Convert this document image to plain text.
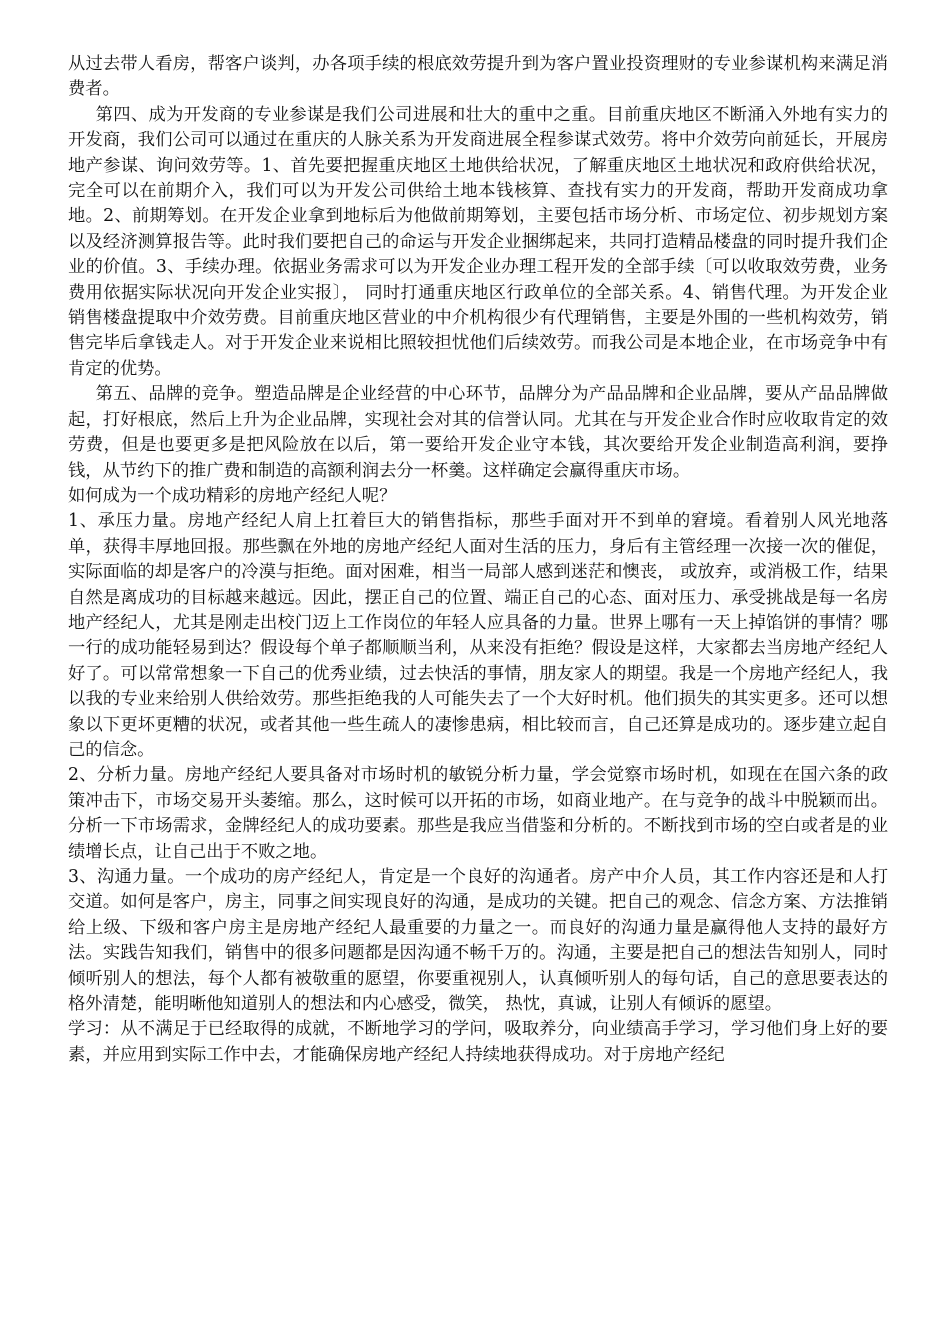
从过去带人看房，帮客户谈判，办各项手续的根底效劳提升到为客户置业投资理财的专业参谋机构来满足消费者。

第四、成为开发商的专业参谋是我们公司进展和壮大的重中之重。目前重庆地区不断涌入外地有实力的开发商，我们公司可以通过在重庆的人脉关系为开发商进展全程参谋式效劳。将中介效劳向前延长，开展房地产参谋、询问效劳等。1、首先要把握重庆地区土地供给状况，了解重庆地区土地状况和政府供给状况，完全可以在前期介入，我们可以为开发公司供给土地本钱核算、查找有实力的开发商，帮助开发商成功拿地。2、前期筹划。在开发企业拿到地标后为他做前期筹划，主要包括市场分析、市场定位、初步规划方案以及经济测算报告等。此时我们要把自己的命运与开发企业捆绑起来，共同打造精品楼盘的同时提升我们企业的价值。3、手续办理。依据业务需求可以为开发企业办理工程开发的全部手续〔可以收取效劳费，业务费用依据实际状况向开发企业实报〕， 同时打通重庆地区行政单位的全部关系。4、销售代理。为开发企业销售楼盘提取中介效劳费。目前重庆地区营业的中介机构很少有代理销售，主要是外围的一些机构效劳，销售完毕后拿钱走人。对于开发企业来说相比照较担忧他们后续效劳。而我公司是本地企业，在市场竞争中有肯定的优势。

第五、品牌的竞争。塑造品牌是企业经营的中心环节，品牌分为产品品牌和企业品牌，要从产品品牌做起，打好根底，然后上升为企业品牌，实现社会对其的信誉认同。尤其在与开发企业合作时应收取肯定的效劳费，但是也要更多是把风险放在以后，第一要给开发企业守本钱，其次要给开发企业制造高利润，要挣钱，从节约下的推广费和制造的高额利润去分一杯羹。这样确定会赢得重庆市场。

如何成为一个成功精彩的房地产经纪人呢？

1、承压力量。房地产经纪人肩上扛着巨大的销售指标，那些手面对开不到单的窘境。看着别人风光地落单，获得丰厚地回报。那些飘在外地的房地产经纪人面对生活的压力，身后有主管经理一次接一次的催促，实际面临的却是客户的冷漠与拒绝。面对困难，相当一局部人感到迷茫和懊丧， 或放弃，或消极工作，结果自然是离成功的目标越来越远。因此，摆正自己的位置、端正自己的心态、面对压力、承受挑战是每一名房地产经纪人，尤其是刚走出校门迈上工作岗位的年轻人应具备的力量。世界上哪有一天上掉馅饼的事情？哪一行的成功能轻易到达？假设每个单子都顺顺当利，从来没有拒绝？假设是这样，大家都去当房地产经纪人好了。可以常常想象一下自己的优秀业绩，过去快活的事情，朋友家人的期望。我是一个房地产经纪人，我以我的专业来给别人供给效劳。那些拒绝我的人可能失去了一个大好时机。他们损失的其实更多。还可以想象以下更坏更糟的状况，或者其他一些生疏人的凄惨患病，相比较而言，自己还算是成功的。逐步建立起自己的信念。

2、分析力量。房地产经纪人要具备对市场时机的敏锐分析力量，学会觉察市场时机，如现在在国六条的政策冲击下，市场交易开头萎缩。那么，这时候可以开拓的市场，如商业地产。在与竞争的战斗中脱颖而出。分析一下市场需求，金牌经纪人的成功要素。那些是我应当借鉴和分析的。不断找到市场的空白或者是的业绩增长点，让自己出于不败之地。

3、沟通力量。一个成功的房产经纪人，肯定是一个良好的沟通者。房产中介人员，其工作内容还是和人打交道。如何是客户，房主，同事之间实现良好的沟通，是成功的关键。把自己的观念、信念方案、方法推销给上级、下级和客户房主是房地产经纪人最重要的力量之一。而良好的沟通力量是赢得他人支持的最好方法。实践告知我们，销售中的很多问题都是因沟通不畅千万的。沟通，主要是把自己的想法告知别人，同时倾听别人的想法，每个人都有被敬重的愿望，你要重视别人，认真倾听别人的每句话，自己的意思要表达的格外清楚，能明晰他知道别人的想法和内心感受，微笑， 热忱，真诚，让别人有倾诉的愿望。

学习：从不满足于已经取得的成就，不断地学习的学问，吸取养分，向业绩高手学习，学习他们身上好的要素，并应用到实际工作中去，才能确保房地产经纪人持续地获得成功。对于房地产经纪
